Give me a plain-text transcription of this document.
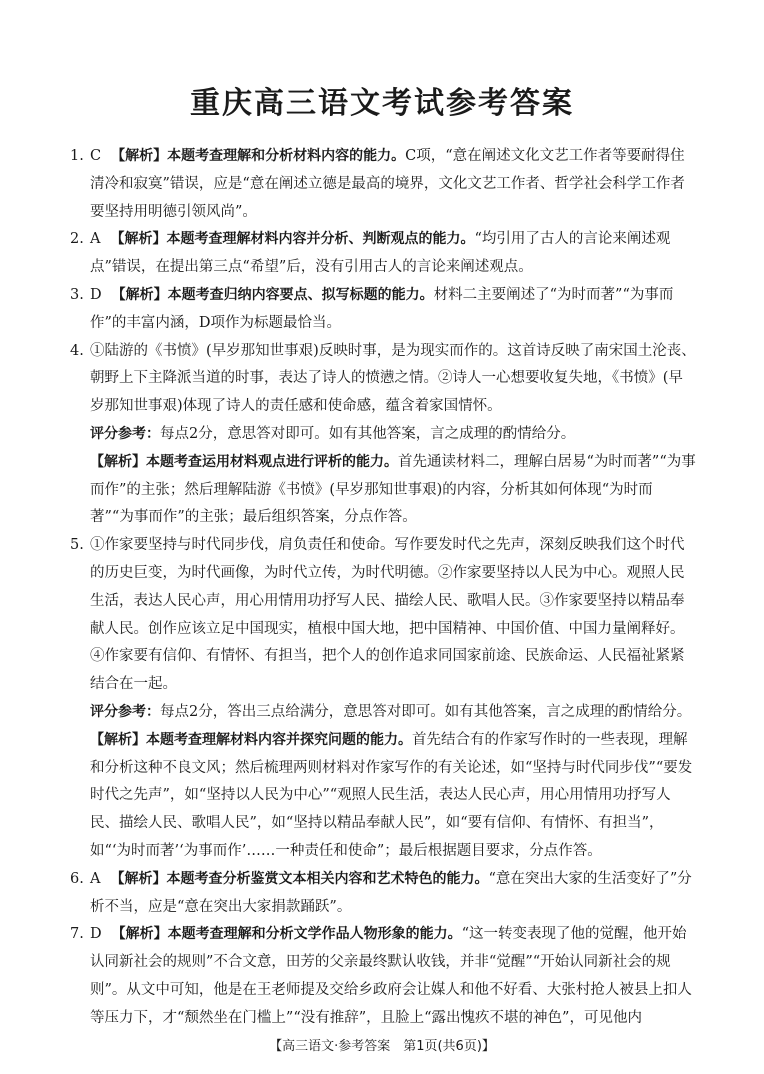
重庆高三语文考试参考答案
1. C 【解析】本题考查理解和分析材料内容的能力。C项，“意在阐述文化文艺工作者等要耐得住清冷和寂寞”错误，应是“意在阐述立德是最高的境界，文化文艺工作者、哲学社会科学工作者要坚持用明德引领风尚”。
2. A 【解析】本题考查理解材料内容并分析、判断观点的能力。“均引用了古人的言论来阐述观点”错误，在提出第三点“希望”后，没有引用古人的言论来阐述观点。
3. D 【解析】本题考查归纳内容要点、拟写标题的能力。材料二主要阐述了“为时而著”“为事而作”的丰富内涵，D项作为标题最恰当。
4. ①陆游的《书愤》(早岁那知世事艰)反映时事，是为现实而作的。这首诗反映了南宋国土沦丧、朝野上下主降派当道的时事，表达了诗人的愤懑之情。②诗人一心想要收复失地，《书愤》(早岁那知世事艰)体现了诗人的责任感和使命感，蕴含着家国情怀。
评分参考：每点2分，意思答对即可。如有其他答案，言之成理的酌情给分。
【解析】本题考查运用材料观点进行评析的能力。首先通读材料二，理解白居易“为时而著”“为事而作”的主张；然后理解陆游《书愤》(早岁那知世事艰)的内容，分析其如何体现“为时而著”“为事而作”的主张；最后组织答案，分点作答。
5. ①作家要坚持与时代同步伐，肩负责任和使命。写作要发时代之先声，深刻反映我们这个时代的历史巨变，为时代画像，为时代立传，为时代明德。②作家要坚持以人民为中心。观照人民生活，表达人民心声，用心用情用功抒写人民、描绘人民、歌唱人民。③作家要坚持以精品奉献人民。创作应该立足中国现实，植根中国大地，把中国精神、中国价值、中国力量阐释好。④作家要有信仰、有情怀、有担当，把个人的创作追求同国家前途、民族命运、人民福祉紧紧结合在一起。
评分参考：每点2分，答出三点给满分，意思答对即可。如有其他答案，言之成理的酌情给分。
【解析】本题考查理解材料内容并探究问题的能力。首先结合有的作家写作时的一些表现，理解和分析这种不良文风；然后梳理两则材料对作家写作的有关论述，如“坚持与时代同步伐”“要发时代之先声”，如“坚持以人民为中心”“观照人民生活，表达人民心声，用心用情用功抒写人民、描绘人民、歌唱人民”，如“坚持以精品奉献人民”，如“要有信仰、有情怀、有担当”，如“‘为时而著’‘为事而作’……一种责任和使命”；最后根据题目要求，分点作答。
6. A 【解析】本题考查分析鉴赏文本相关内容和艺术特色的能力。“意在突出大家的生活变好了”分析不当，应是“意在突出大家捐款踊跃”。
7. D 【解析】本题考查理解和分析文学作品人物形象的能力。“这一转变表现了他的觉醒，他开始认同新社会的规则”不合文意，田芳的父亲最终默认收钱，并非“觉醒”“开始认同新社会的规则”。从文中可知，他是在王老师提及交给乡政府会让媒人和他不好看、大张村抢人被县上扣人等压力下，才“颓然坐在门槛上”“没有推辞”，且脸上“露出愧疚不堪的神色”，可见他内
【高三语文·参考答案　第1页(共6页)】
